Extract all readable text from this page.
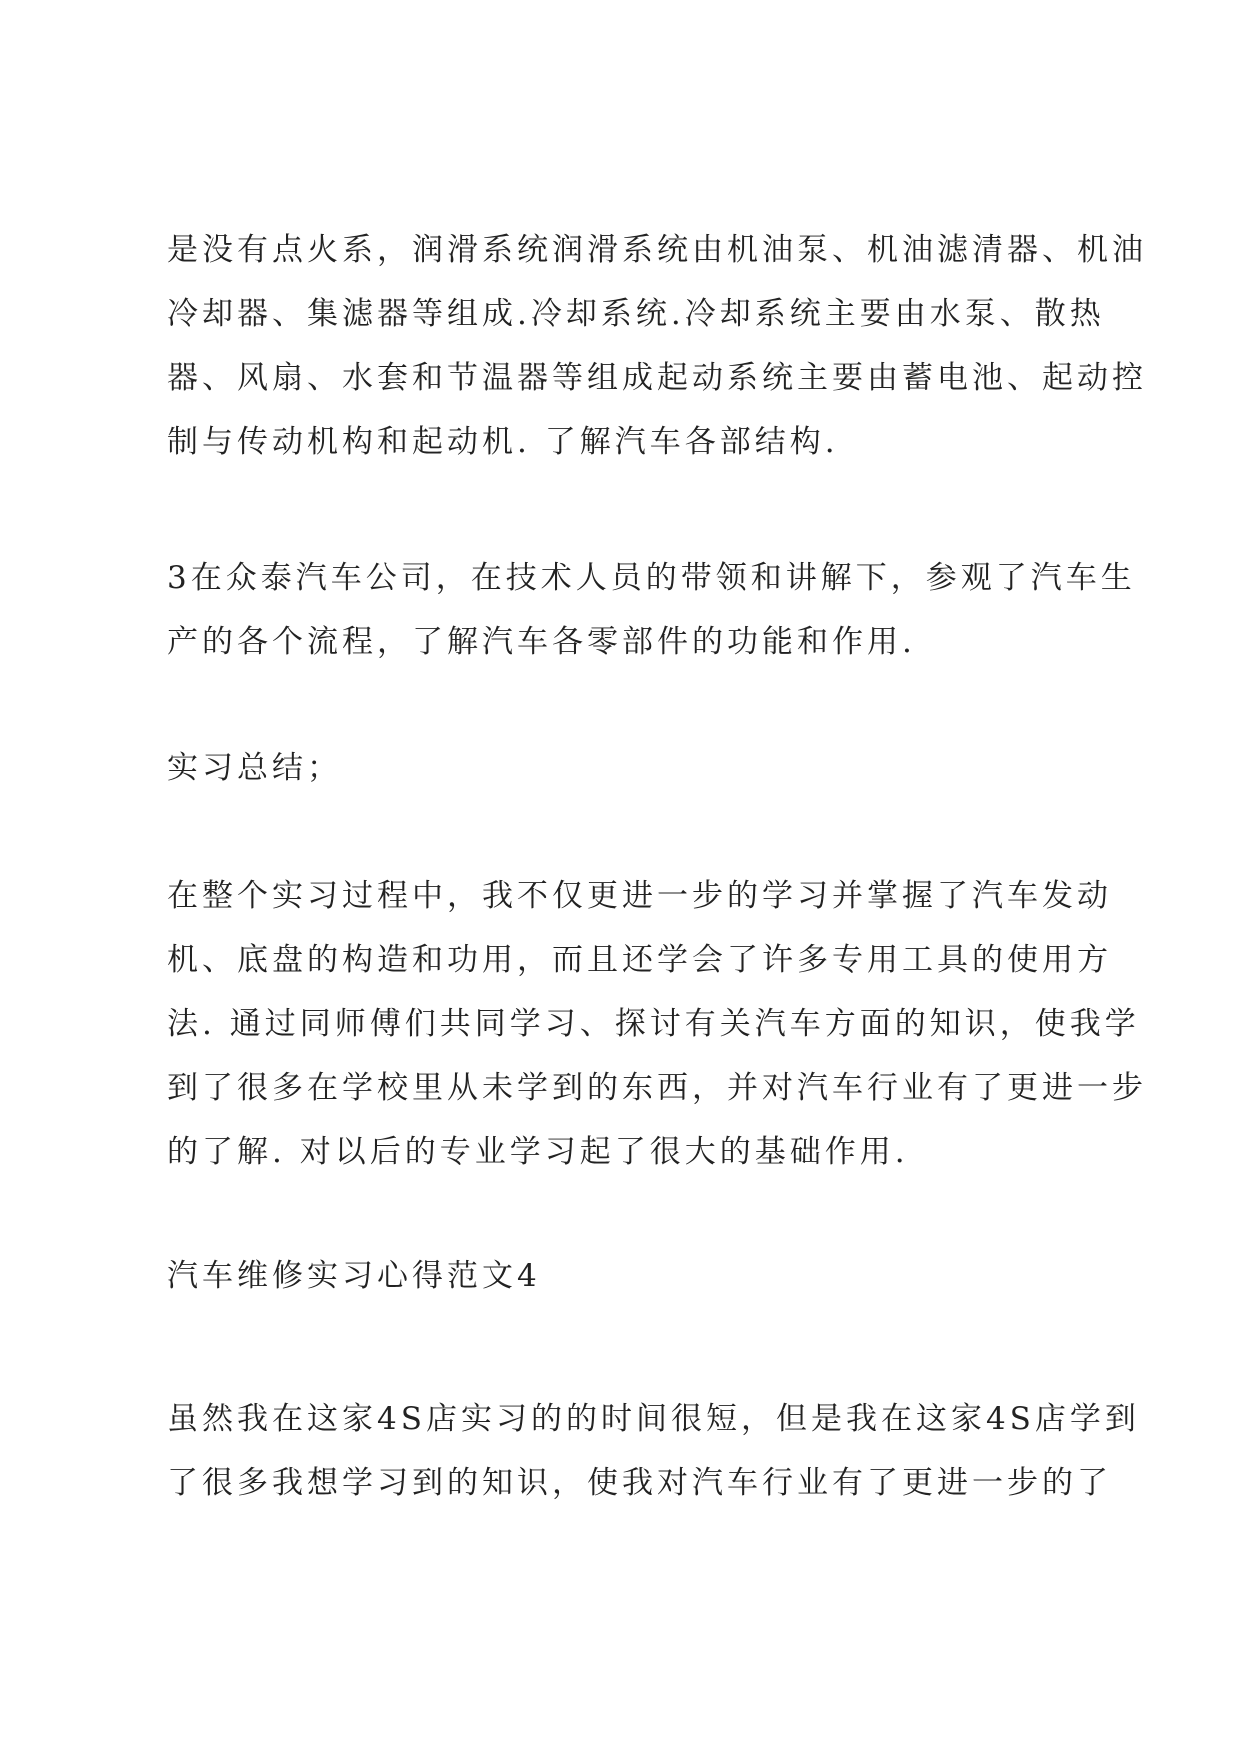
是没有点火系，润滑系统润滑系统由机油泵、机油滤清器、机油
冷却器、集滤器等组成.冷却系统.冷却系统主要由水泵、散热
器、风扇、水套和节温器等组成起动系统主要由蓄电池、起动控
制与传动机构和起动机. 了解汽车各部结构.
3在众泰汽车公司，在技术人员的带领和讲解下，参观了汽车生
产的各个流程，了解汽车各零部件的功能和作用.
实习总结；
在整个实习过程中，我不仅更进一步的学习并掌握了汽车发动
机、底盘的构造和功用，而且还学会了许多专用工具的使用方
法. 通过同师傅们共同学习、探讨有关汽车方面的知识，使我学
到了很多在学校里从未学到的东西，并对汽车行业有了更进一步
的了解. 对以后的专业学习起了很大的基础作用.
汽车维修实习心得范文4
虽然我在这家4S店实习的的时间很短，但是我在这家4S店学到
了很多我想学习到的知识，使我对汽车行业有了更进一步的了
